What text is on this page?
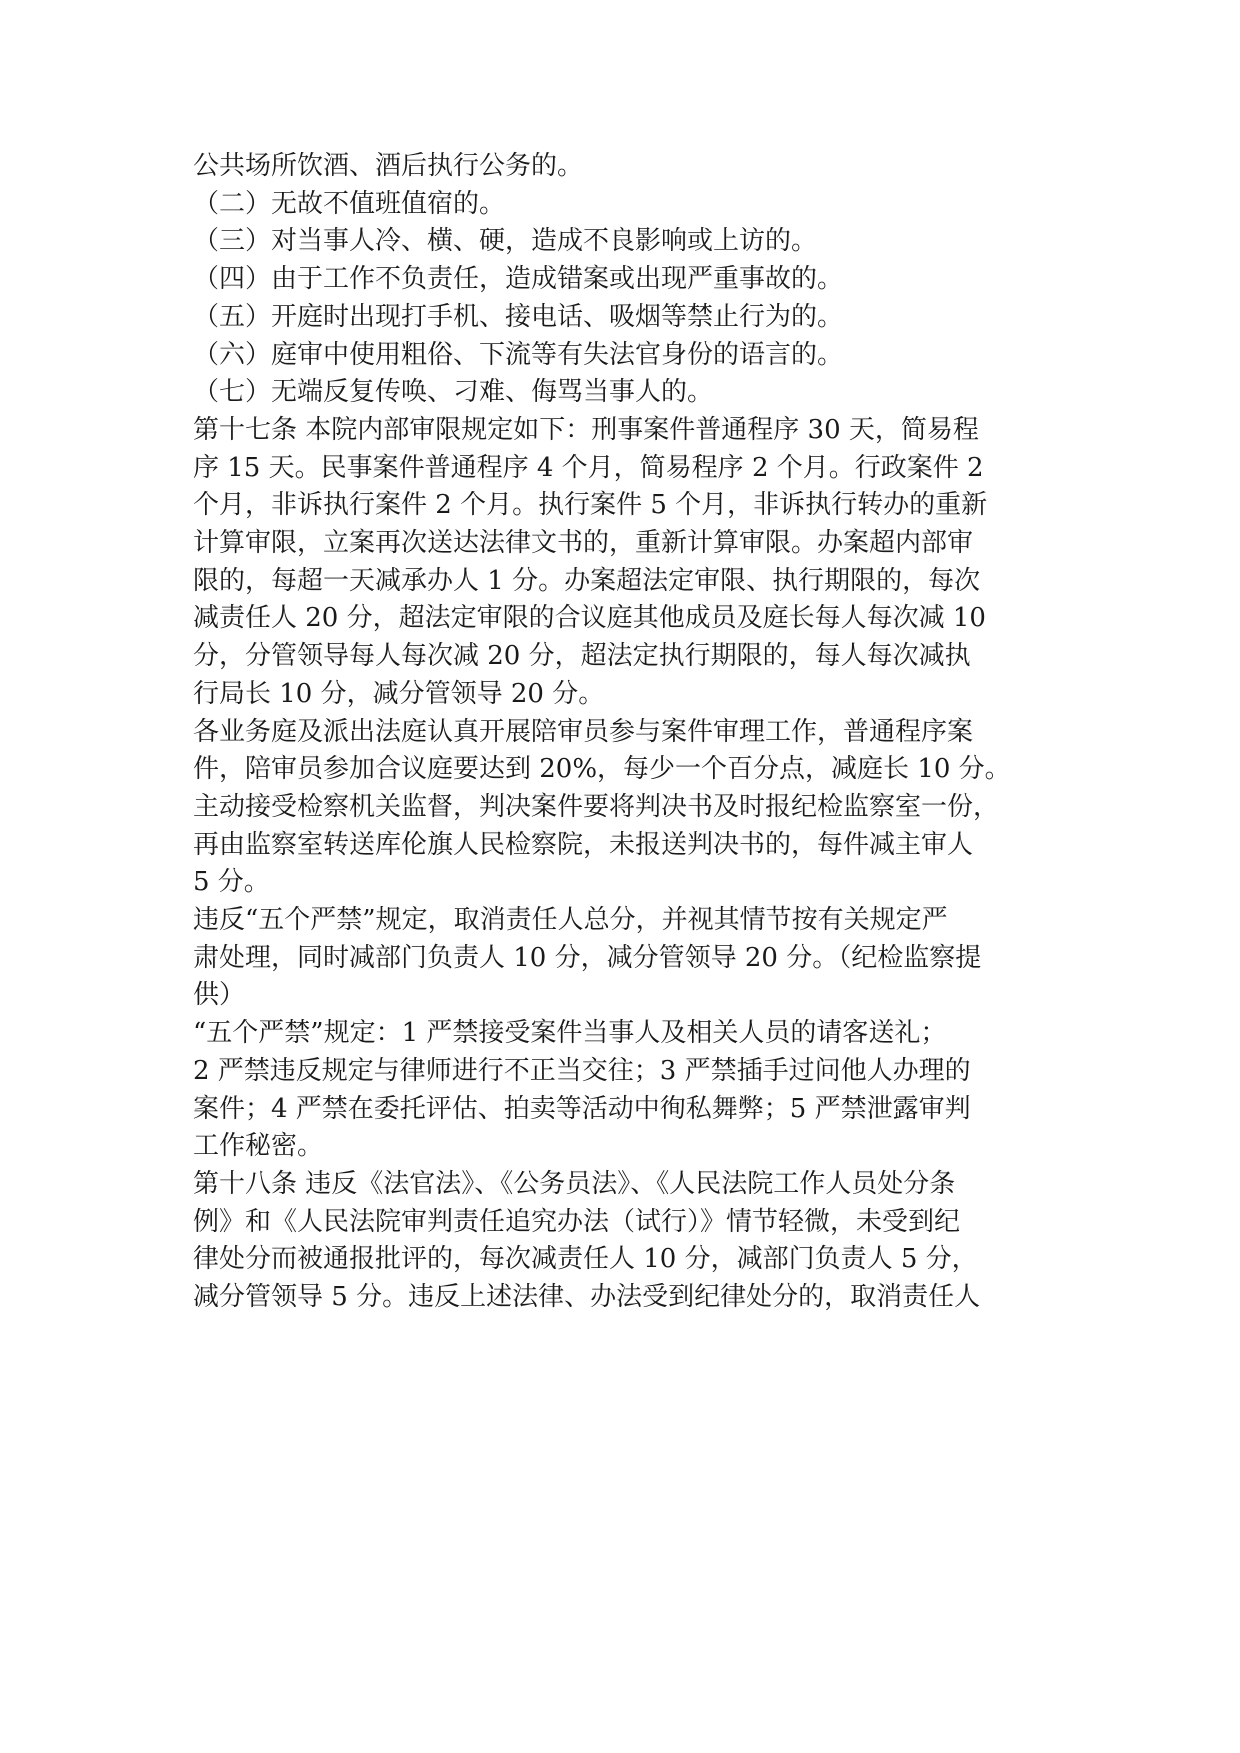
公共场所饮酒、酒后执行公务的。

（二）无故不值班值宿的。

（三）对当事人冷、横、硬，造成不良影响或上访的。

（四）由于工作不负责任，造成错案或出现严重事故的。

（五）开庭时出现打手机、接电话、吸烟等禁止行为的。

（六）庭审中使用粗俗、下流等有失法官身份的语言的。

（七）无端反复传唤、刁难、侮骂当事人的。

第十七条 本院内部审限规定如下：刑事案件普通程序 30 天，简易程

序 15 天。民事案件普通程序 4 个月，简易程序 2 个月。行政案件 2

个月，非诉执行案件 2 个月。执行案件 5 个月，非诉执行转办的重新

计算审限，立案再次送达法律文书的，重新计算审限。办案超内部审

限的，每超一天减承办人 1 分。办案超法定审限、执行期限的，每次

减责任人 20 分，超法定审限的合议庭其他成员及庭长每人每次减 10

分，分管领导每人每次减 20 分，超法定执行期限的，每人每次减执

行局长 10 分，减分管领导 20 分。

各业务庭及派出法庭认真开展陪审员参与案件审理工作，普通程序案

件，陪审员参加合议庭要达到 20%，每少一个百分点，减庭长 10 分。

主动接受检察机关监督，判决案件要将判决书及时报纪检监察室一份，

再由监察室转送库伦旗人民检察院，未报送判决书的，每件减主审人

5 分。

违反“五个严禁”规定，取消责任人总分，并视其情节按有关规定严

肃处理，同时减部门负责人 10 分，减分管领导 20 分。（纪检监察提

供）

“五个严禁”规定：1 严禁接受案件当事人及相关人员的请客送礼；

2 严禁违反规定与律师进行不正当交往；3 严禁插手过问他人办理的

案件；4 严禁在委托评估、拍卖等活动中徇私舞弊；5 严禁泄露审判

工作秘密。

第十八条 违反《法官法》、《公务员法》、《人民法院工作人员处分条

例》和《人民法院审判责任追究办法（试行）》情节轻微，未受到纪

律处分而被通报批评的，每次减责任人 10 分，减部门负责人 5 分，

减分管领导 5 分。违反上述法律、办法受到纪律处分的，取消责任人
